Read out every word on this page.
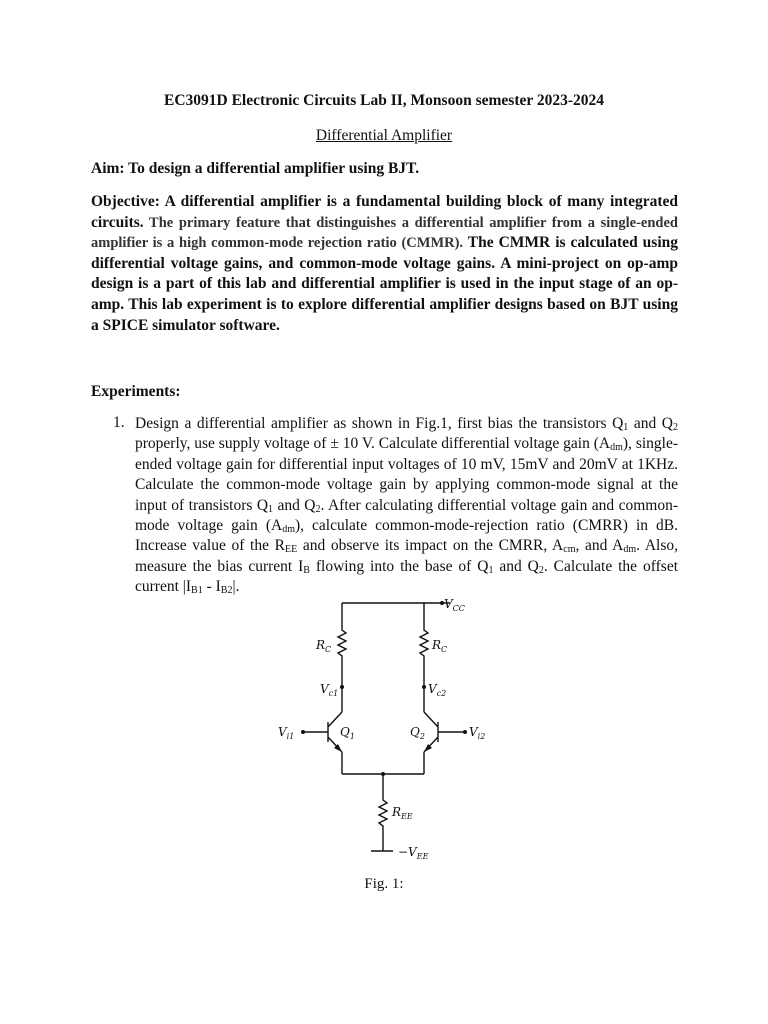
EC3091D Electronic Circuits Lab II, Monsoon semester 2023-2024
Differential Amplifier
Aim: To design a differential amplifier using BJT.
Objective: A differential amplifier is a fundamental building block of many integrated circuits. The primary feature that distinguishes a differential amplifier from a single-ended amplifier is a high common-mode rejection ratio (CMMR). The CMMR is calculated using differential voltage gains, and common-mode voltage gains. A mini-project on op-amp design is a part of this lab and differential amplifier is used in the input stage of an op-amp. This lab experiment is to explore differential amplifier designs based on BJT using a SPICE simulator software.
Experiments:
1. Design a differential amplifier as shown in Fig.1, first bias the transistors $Q_1$ and $Q_2$ properly, use supply voltage of ± 10 V. Calculate differential voltage gain $(A_{dm})$, single-ended voltage gain for differential input voltages of 10 mV, 15mV and 20mV at 1KHz. Calculate the common-mode voltage gain by applying common-mode signal at the input of transistors $Q_1$ and $Q_2$. After calculating differential voltage gain and common-mode voltage gain $(A_{dm})$, calculate common-mode-rejection ratio (CMRR) in dB. Increase value of the $R_{EE}$ and observe its impact on the CMRR, $A_{cm}$, and $A_{dm}$. Also, measure the bias current $I_B$ flowing into the base of $Q_1$ and $Q_2$. Calculate the offset current $|I_{B1} - I_{B2}|$.
$V_{CC}$
$R_C$
$V_{c1}$
$V_{i1}$	$Q_1$
$R_C$
$V_{c2}$
$V_{i2}$
$Q_2$
$R_{EE}$
$-V_{EE}$
Fig. 1:
